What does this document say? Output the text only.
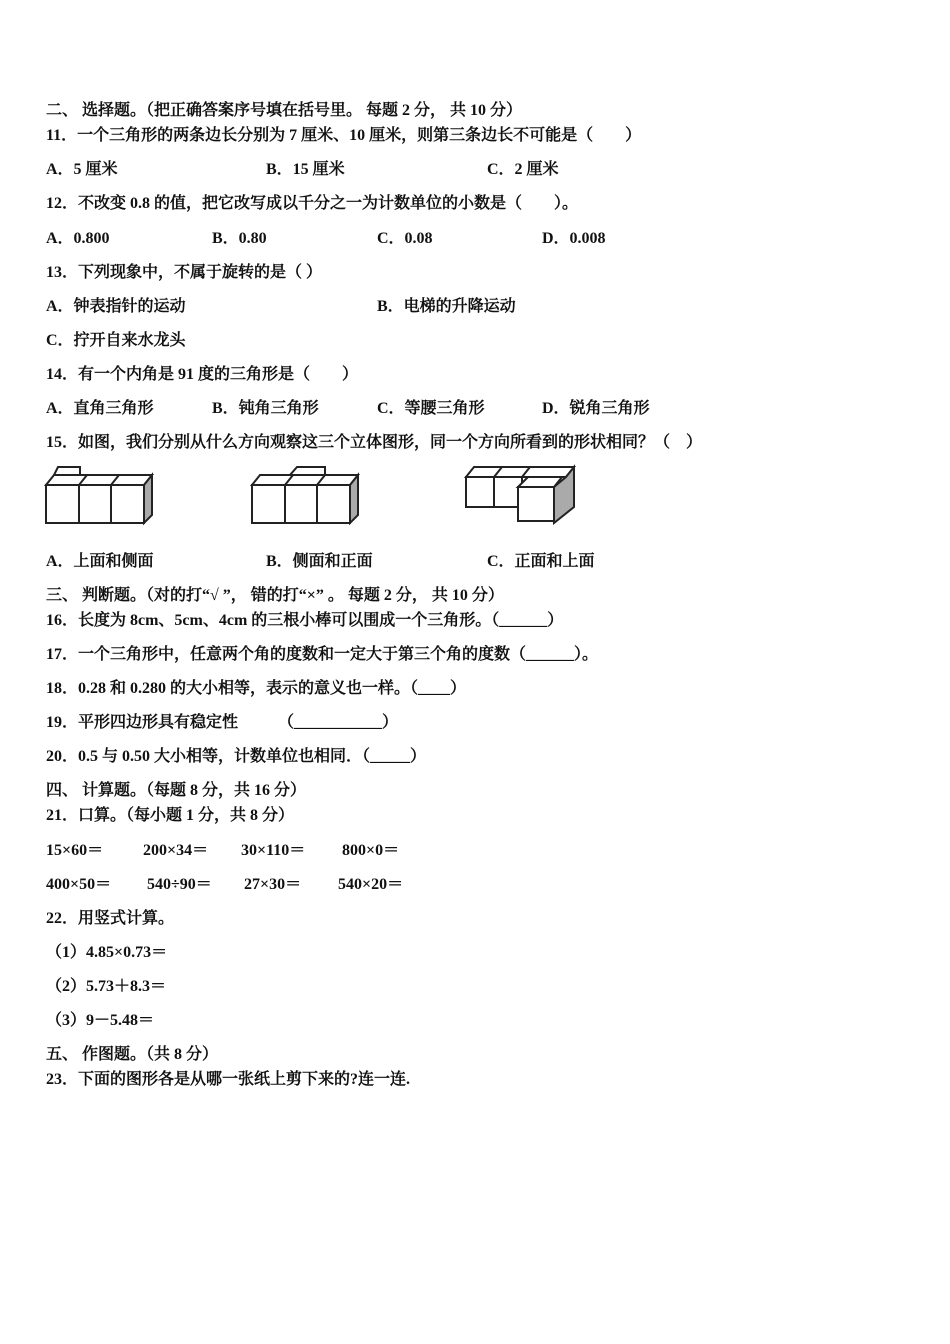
二、 选择题。（把正确答案序号填在括号里。 每题 2 分， 共 10 分）
11．一个三角形的两条边长分别为 7 厘米、10 厘米，则第三条边长不可能是（　　）
A．5 厘米	B．15 厘米	C．2 厘米
12．不改变 0.8 的值，把它改写成以千分之一为计数单位的小数是（　　）。
A．0.800	B．0.80	C．0.08	D．0.008
13．下列现象中，不属于旋转的是（ ）
A．钟表指针的运动	B．电梯的升降运动
C．拧开自来水龙头
14．有一个内角是 91 度的三角形是（　　）
A．直角三角形	B．钝角三角形	C．等腰三角形	D．锐角三角形
15．如图，我们分别从什么方向观察这三个立体图形，同一个方向所看到的形状相同？（　）
A．上面和侧面	B．侧面和正面	C．正面和上面
三、 判断题。（对的打“√ ”， 错的打“×” 。 每题 2 分， 共 10 分）
16．长度为 8cm、5cm、4cm 的三根小棒可以围成一个三角形。（______）
17．一个三角形中，任意两个角的度数和一定大于第三个角的度数（______）。
18．0.28 和 0.280 的大小相等，表示的意义也一样。（____）
19．平形四边形具有稳定性　　　（___________）
20．0.5 与 0.50 大小相等，计数单位也相同．（_____）
四、 计算题。（每题 8 分，共 16 分）
21．口算。（每小题 1 分，共 8 分）
15×60＝ 200×34＝ 30×110＝ 800×0＝
400×50＝ 540÷90＝ 27×30＝ 540×20＝
22．用竖式计算。
（1）4.85×0.73＝
（2）5.73＋8.3＝
（3）9－5.48＝
五、 作图题。（共 8 分）
23．下面的图形各是从哪一张纸上剪下来的?连一连.
